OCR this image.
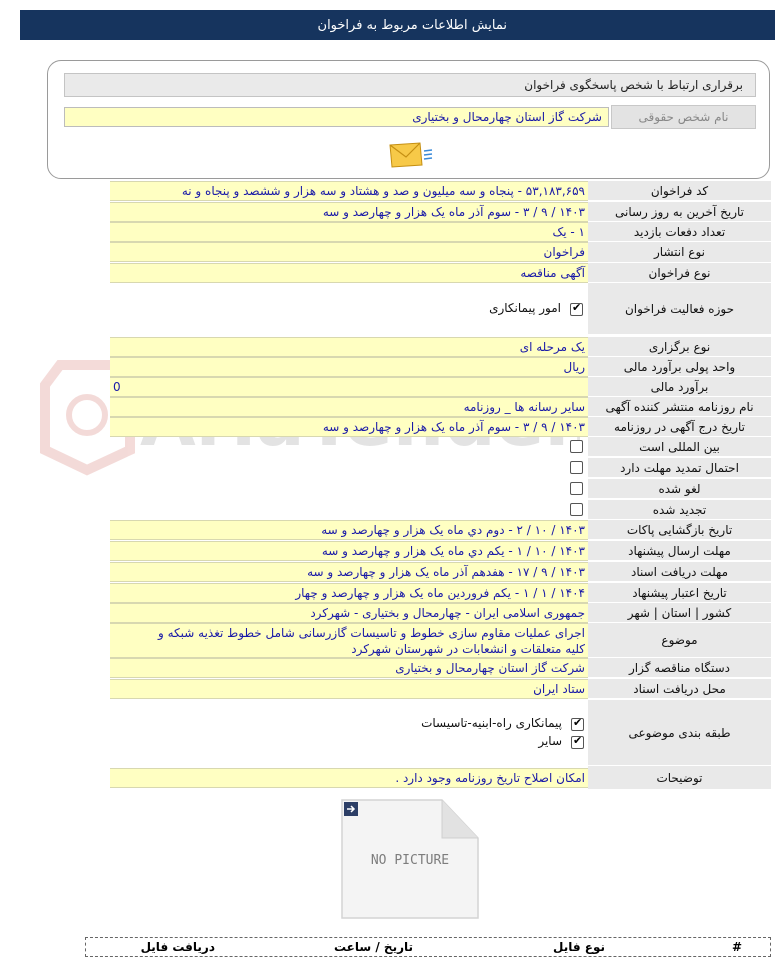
نمایش اطلاعات مربوط به فراخوان
برقراری ارتباط با شخص پاسخگوی فراخوان
نام شخص حقوقی
شرکت گاز استان چهارمحال و بختیاری
کد فراخوان
۵۳,۱۸۳,۶۵۹ - پنجاه و سه میلیون و صد و هشتاد و سه هزار و ششصد و پنجاه و نه
تاریخ آخرین به روز رسانی
۱۴۰۳ / ۹ / ۳ - سوم آذر ماه یک هزار و چهارصد و سه
تعداد دفعات بازدید
۱ - یک
نوع انتشار
فراخوان
نوع فراخوان
آگهی مناقصه
حوزه فعالیت فراخوان
✔
امور پیمانکاری
نوع برگزاری
یک مرحله ای
واحد پولی برآورد مالی
ریال
برآورد مالی
0
نام روزنامه منتشر کننده آگهی
سایر رسانه ها _ روزنامه
تاریخ درج آگهی در روزنامه
۱۴۰۳ / ۹ / ۳ - سوم آذر ماه یک هزار و چهارصد و سه
بین المللی است
احتمال تمدید مهلت دارد
لغو شده
تجدید شده
تاریخ بازگشایی پاکات
۱۴۰۳ / ۱۰ / ۲ - دوم دي ماه یک هزار و چهارصد و سه
مهلت ارسال پیشنهاد
۱۴۰۳ / ۱۰ / ۱ - یکم دي ماه یک هزار و چهارصد و سه
مهلت دریافت اسناد
۱۴۰۳ / ۹ / ۱۷ - هفدهم آذر ماه یک هزار و چهارصد و سه
تاریخ اعتبار پیشنهاد
۱۴۰۴ / ۱ / ۱ - یکم فروردین ماه یک هزار و چهارصد و چهار
کشور | استان | شهر
جمهوری اسلامی ایران - چهارمحال و بختیاری - شهرکرد
موضوع
اجرای عملیات مقاوم سازی خطوط و تاسیسات گازرسانی شامل خطوط تغذیه شبکه و
کلیه متعلقات و انشعابات در شهرستان شهرکرد
دستگاه مناقصه گزار
شرکت گاز استان چهارمحال و بختیاری
محل دریافت اسناد
ستاد ایران
طبقه بندی موضوعی
✔
پیمانکاری راه-ابنیه-تاسیسات
✔
سایر
توضیحات
امکان اصلاح تاریخ روزنامه وجود دارد .
NO PICTURE
#
نوع فایل
تاریخ / ساعت
دریافت فایل
